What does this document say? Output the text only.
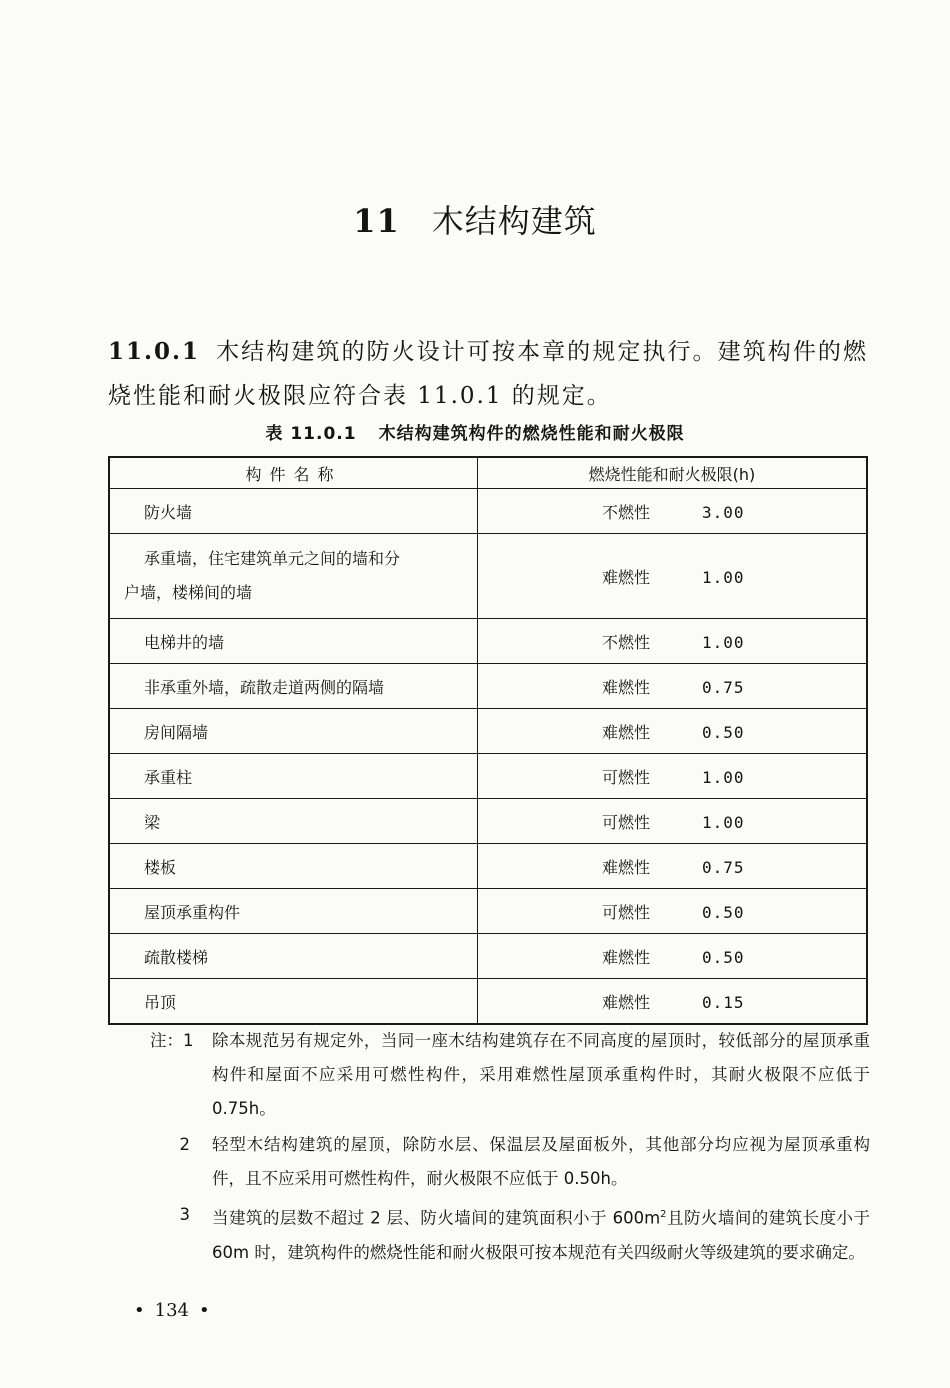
11 木结构建筑
11.0.1 木结构建筑的防火设计可按本章的规定执行。建筑构件的燃烧性能和耐火极限应符合表 11.0.1 的规定。
表 11.0.1 木结构建筑构件的燃烧性能和耐火极限
构件名称	燃烧性能和耐火极限(h)
防火墙	不燃性 3.00

承重墙，住宅建筑单元之间的墙和分
户墙，楼梯间的墙	难燃性 1.00
电梯井的墙	不燃性 1.00
非承重外墙，疏散走道两侧的隔墙	难燃性 0.75
房间隔墙	难燃性 0.50
承重柱	可燃性 1.00
梁	可燃性 1.00
楼板	难燃性 0.75
屋顶承重构件	可燃性 0.50
疏散楼梯	难燃性 0.50
吊顶	难燃性 0.15
注：1	除本规范另有规定外，当同一座木结构建筑存在不同高度的屋顶时，较低部分的屋顶承重构件和屋面不应采用可燃性构件，采用难燃性屋顶承重构件时，其耐火极限不应低于 0.75h。
2	轻型木结构建筑的屋顶，除防水层、保温层及屋面板外，其他部分均应视为屋顶承重构件，且不应采用可燃性构件，耐火极限不应低于 0.50h。
3	当建筑的层数不超过 2 层、防火墙间的建筑面积小于 $600m^2$且防火墙间的建筑长度小于 60m 时，建筑构件的燃烧性能和耐火极限可按本规范有关四级耐火等级建筑的要求确定。
• 134 •
